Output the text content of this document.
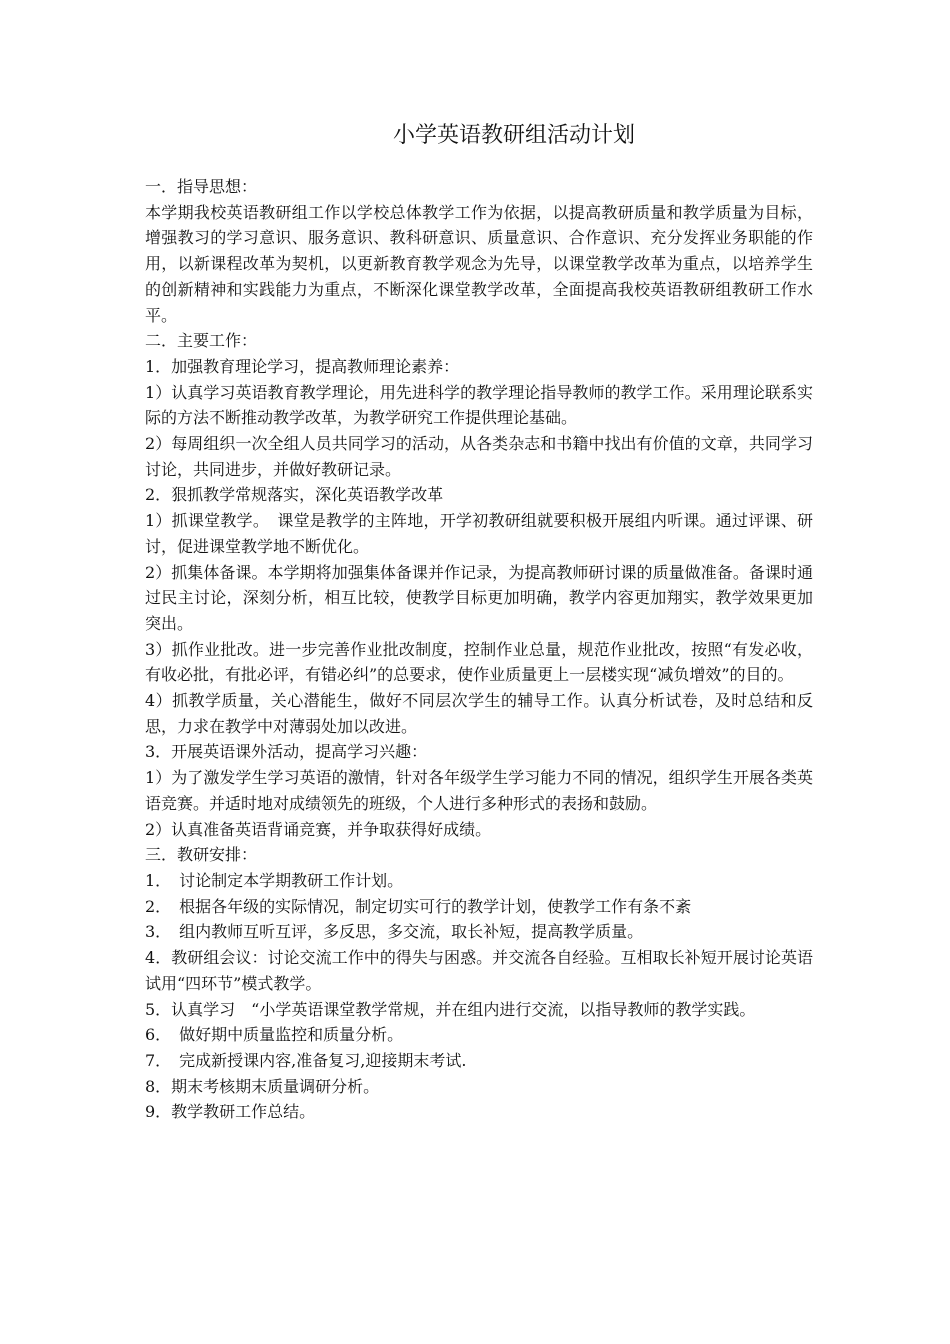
小学英语教研组活动计划

一．指导思想：

本学期我校英语教研组工作以学校总体教学工作为依据，以提高教研质量和教学质量为目标，增强教习的学习意识、服务意识、教科研意识、质量意识、合作意识、充分发挥业务职能的作用，以新课程改革为契机，以更新教育教学观念为先导，以课堂教学改革为重点，以培养学生的创新精神和实践能力为重点，不断深化课堂教学改革，全面提高我校英语教研组教研工作水平。

二．主要工作：

1．加强教育理论学习，提高教师理论素养：

1）认真学习英语教育教学理论，用先进科学的教学理论指导教师的教学工作。采用理论联系实际的方法不断推动教学改革，为教学研究工作提供理论基础。

2）每周组织一次全组人员共同学习的活动，从各类杂志和书籍中找出有价值的文章，共同学习讨论，共同进步，并做好教研记录。

2．狠抓教学常规落实，深化英语教学改革

1）抓课堂教学。　课堂是教学的主阵地，开学初教研组就要积极开展组内听课。通过评课、研讨，促进课堂教学地不断优化。

2）抓集体备课。本学期将加强集体备课并作记录，为提高教师研讨课的质量做准备。备课时通过民主讨论，深刻分析，相互比较，使教学目标更加明确，教学内容更加翔实，教学效果更加突出。

3）抓作业批改。进一步完善作业批改制度，控制作业总量，规范作业批改，按照“有发必收，有收必批，有批必评，有错必纠”的总要求，使作业质量更上一层楼实现“减负增效”的目的。

4）抓教学质量，关心潜能生，做好不同层次学生的辅导工作。认真分析试卷，及时总结和反思，力求在教学中对薄弱处加以改进。

3．开展英语课外活动，提高学习兴趣：

1）为了激发学生学习英语的激情，针对各年级学生学习能力不同的情况，组织学生开展各类英语竞赛。并适时地对成绩领先的班级，个人进行多种形式的表扬和鼓励。

2）认真准备英语背诵竞赛，并争取获得好成绩。

三．教研安排：

1．　讨论制定本学期教研工作计划。

2．　根据各年级的实际情况，制定切实可行的教学计划，使教学工作有条不紊

3．　组内教师互听互评，多反思，多交流，取长补短，提高教学质量。

4．教研组会议：讨论交流工作中的得失与困惑。并交流各自经验。互相取长补短开展讨论英语试用“四环节”模式教学。

5．认真学习　“小学英语课堂教学常规，并在组内进行交流，以指导教师的教学实践。

6．　做好期中质量监控和质量分析。

7．　完成新授课内容,准备复习,迎接期末考试.

8．期末考核期末质量调研分析。

9．教学教研工作总结。
